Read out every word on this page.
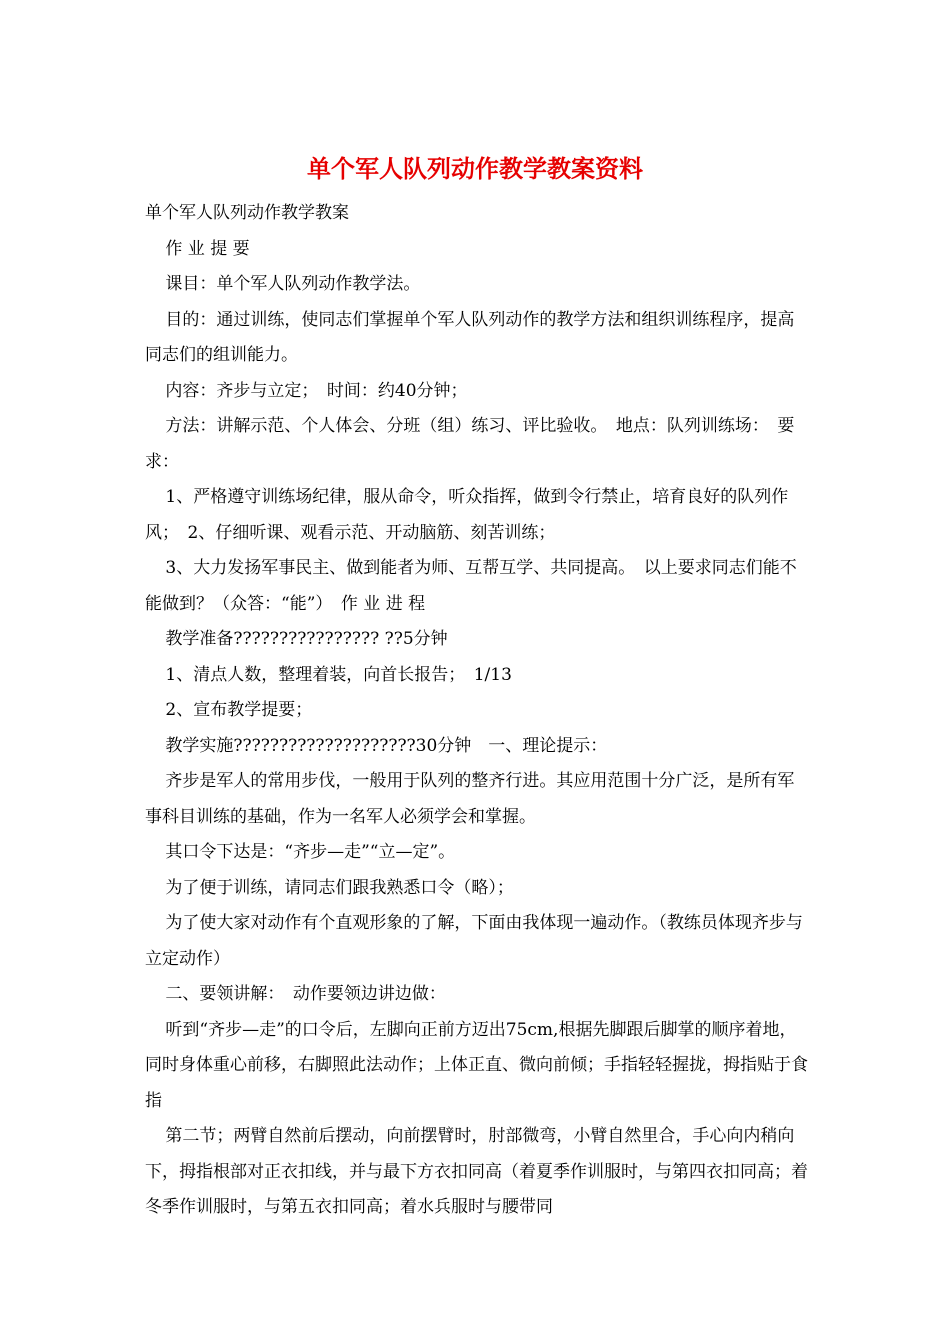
单个军人队列动作教学教案资料

单个军人队列动作教学教案

作 业 提 要

课目：单个军人队列动作教学法。

目的：通过训练，使同志们掌握单个军人队列动作的教学方法和组织训练程序，提高同志们的组训能力。

内容：齐步与立定；　时间：约40分钟；

方法：讲解示范、个人体会、分班（组）练习、评比验收。　地点：队列训练场：　要求：

1、严格遵守训练场纪律，服从命令，听众指挥，做到令行禁止，培育良好的队列作风；　2、仔细听课、观看示范、开动脑筋、刻苦训练；

3、大力发扬军事民主、做到能者为师、互帮互学、共同提高。　以上要求同志们能不能做到？（众答：“能”）　作 业 进 程

教学准备???????????????? ??5分钟

1、清点人数，整理着装，向首长报告；　1/13

2、宣布教学提要；

教学实施????????????????????30分钟　一、理论提示：

齐步是军人的常用步伐，一般用于队列的整齐行进。其应用范围十分广泛，是所有军事科目训练的基础，作为一名军人必须学会和掌握。

其口令下达是：“齐步—走”“立—定”。

为了便于训练，请同志们跟我熟悉口令（略）；

为了使大家对动作有个直观形象的了解，下面由我体现一遍动作。（教练员体现齐步与立定动作）

二、要领讲解：　动作要领边讲边做：

听到“齐步—走”的口令后，左脚向正前方迈出75cm,根据先脚跟后脚掌的顺序着地，同时身体重心前移，右脚照此法动作；上体正直、微向前倾；手指轻轻握拢，拇指贴于食指

第二节；两臂自然前后摆动，向前摆臂时，肘部微弯，小臂自然里合，手心向内稍向下，拇指根部对正衣扣线，并与最下方衣扣同高（着夏季作训服时，与第四衣扣同高；着冬季作训服时，与第五衣扣同高；着水兵服时与腰带同
